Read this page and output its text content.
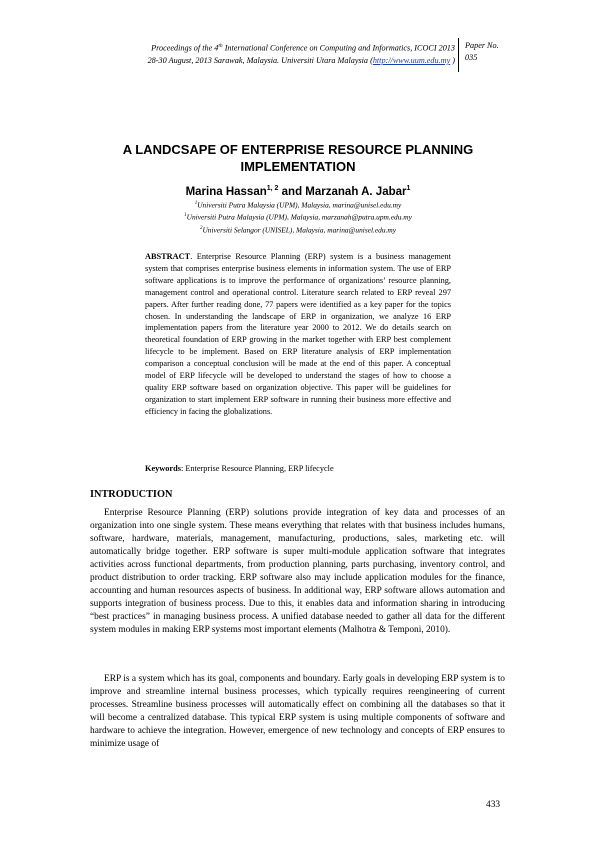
Proceedings of the 4th International Conference on Computing and Informatics, ICOCI 2013
28-30 August, 2013 Sarawak, Malaysia. Universiti Utara Malaysia (http://www.uum.edu.my )
Paper No.
035
A LANDCSAPE OF ENTERPRISE RESOURCE PLANNING IMPLEMENTATION
Marina Hassan$^{1, 2}$ and Marzanah A. Jabar$^1$
$^1$Universiti Putra Malaysia (UPM), Malaysia, marina@unisel.edu.my
$^1$Universiti Putra Malaysia (UPM), Malaysia, marzanah@putra.upm.edu.my
$^2$Universiti Selangor (UNISEL), Malaysia, marina@unisel.edu.my

ABSTRACT. Enterprise Resource Planning (ERP) system is a business management system that comprises enterprise business elements in information system. The use of ERP software applications is to improve the performance of organizations’ resource planning, management control and operational control. Literature search related to ERP reveal 297 papers. After further reading done, 77 papers were identified as a key paper for the topics chosen. In understanding the landscape of ERP in organization, we analyze 16 ERP implementation papers from the literature year 2000 to 2012. We do details search on theoretical foundation of ERP growing in the market together with ERP best complement lifecycle to be implement. Based on ERP literature analysis of ERP implementation comparison a conceptual conclusion will be made at the end of this paper. A conceptual model of ERP lifecycle will be developed to understand the stages of how to choose a quality ERP software based on organization objective. This paper will be guidelines for organization to start implement ERP software in running their business more effective and efficiency in facing the globalizations.

Keywords: Enterprise Resource Planning, ERP lifecycle
INTRODUCTION

Enterprise Resource Planning (ERP) solutions provide integration of key data and processes of an organization into one single system. These means everything that relates with that business includes humans, software, hardware, materials, management, manufacturing, productions, sales, marketing etc. will automatically bridge together. ERP software is super multi-module application software that integrates activities across functional departments, from production planning, parts purchasing, inventory control, and product distribution to order tracking. ERP software also may include application modules for the finance, accounting and human resources aspects of business. In additional way, ERP software allows automation and supports integration of business process. Due to this, it enables data and information sharing in introducing “best practices” in managing business process. A unified database needed to gather all data for the different system modules in making ERP systems most important elements (Malhotra & Temponi, 2010).

ERP is a system which has its goal, components and boundary. Early goals in developing ERP system is to improve and streamline internal business processes, which typically requires reengineering of current processes. Streamline business processes will automatically effect on combining all the databases so that it will become a centralized database. This typical ERP system is using multiple components of software and hardware to achieve the integration. However, emergence of new technology and concepts of ERP ensures to minimize usage of

433
